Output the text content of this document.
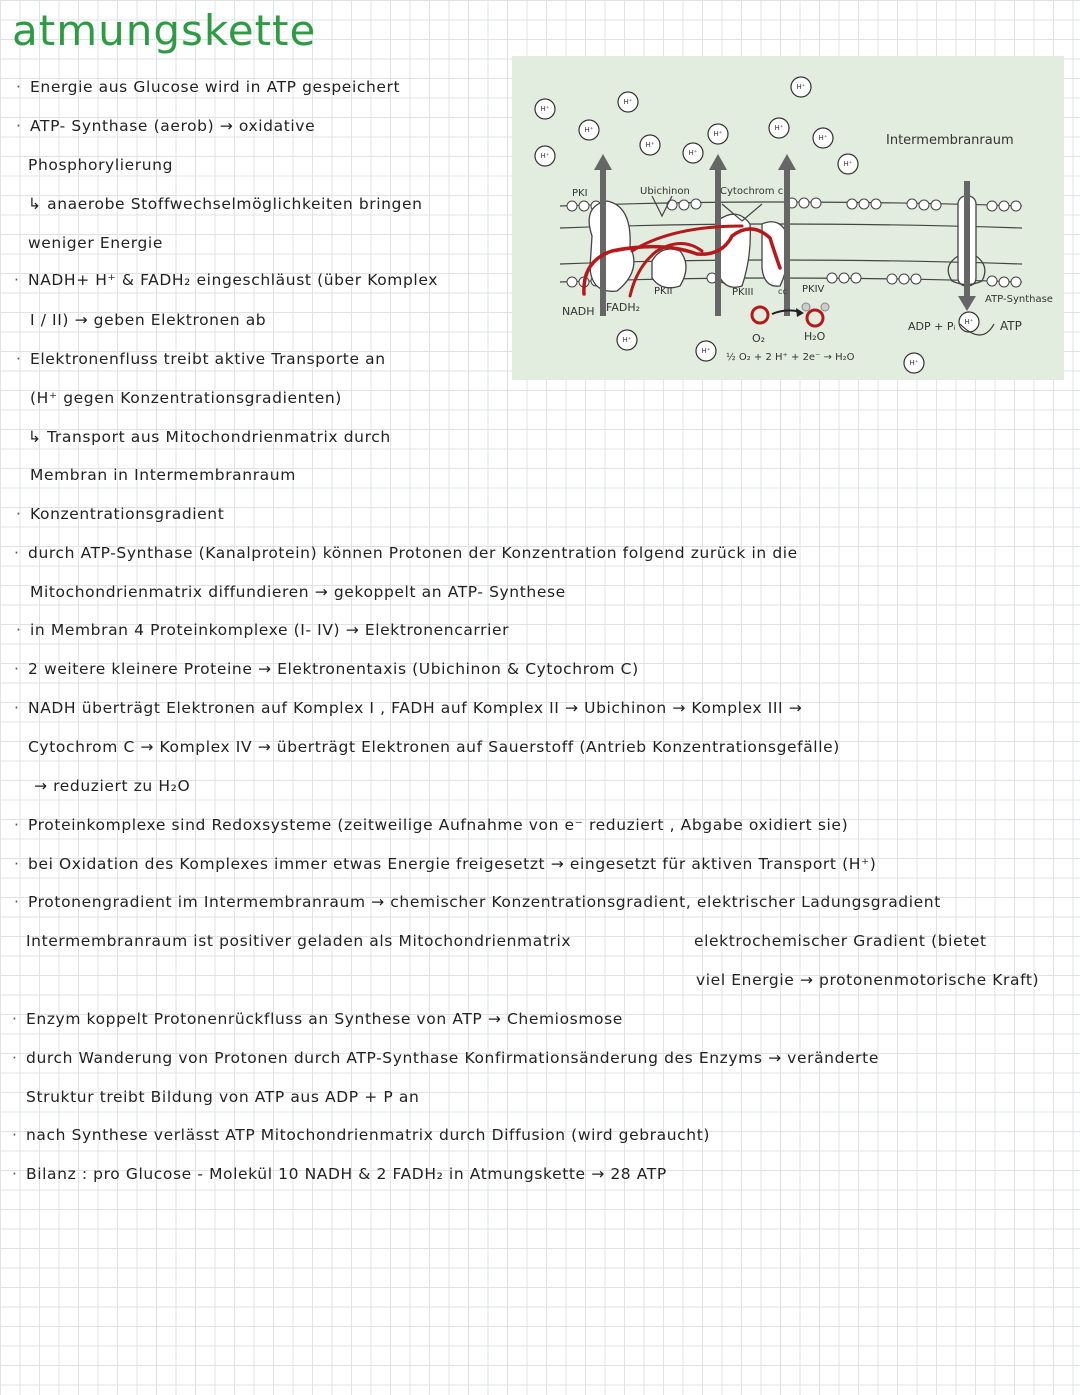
atmungskette
· Energie aus Glucose wird in ATP gespeichert
· ATP- Synthase (aerob) → oxidative
Phosphorylierung
↳ anaerobe Stoffwechselmöglichkeiten bringen
weniger Energie
· NADH+ H⁺ & FADH₂ eingeschläust (über Komplex
I / II) → geben Elektronen ab
· Elektronenfluss treibt aktive Transporte an
(H⁺ gegen Konzentrationsgradienten)
↳ Transport aus Mitochondrienmatrix durch
Membran in Intermembranraum
· Konzentrationsgradient
· durch ATP-Synthase (Kanalprotein) können Protonen der Konzentration folgend zurück in die
Mitochondrienmatrix diffundieren → gekoppelt an ATP- Synthese
· in Membran 4 Proteinkomplexe (I- IV) → Elektronencarrier
· 2 weitere kleinere Proteine → Elektronentaxis (Ubichinon & Cytochrom C)
· NADH überträgt Elektronen auf Komplex I , FADH auf Komplex II → Ubichinon → Komplex III →
Cytochrom C → Komplex IV → überträgt Elektronen auf Sauerstoff (Antrieb Konzentrationsgefälle)
→ reduziert zu H₂O
· Proteinkomplexe sind Redoxsysteme (zeitweilige Aufnahme von e⁻ reduziert , Abgabe oxidiert sie)
· bei Oxidation des Komplexes immer etwas Energie freigesetzt → eingesetzt für aktiven Transport (H⁺)
· Protonengradient im Intermembranraum → chemischer Konzentrationsgradient, elektrischer Ladungsgradient
Intermembranraum ist positiver geladen als Mitochondrienmatrix	elektrochemischer Gradient (bietet
viel Energie → protonenmotorische Kraft)
· Enzym koppelt Protonenrückfluss an Synthese von ATP → Chemiosmose
· durch Wanderung von Protonen durch ATP-Synthase Konfirmationsänderung des Enzyms → veränderte
Struktur treibt Bildung von ATP aus ADP + P an
· nach Synthese verlässt ATP Mitochondrienmatrix durch Diffusion (wird gebraucht)
· Bilanz : pro Glucose - Molekül 10 NADH & 2 FADH₂ in Atmungskette → 28 ATP
H⁺
H⁺
H⁺
H⁺
H⁺
H⁺
H⁺
H⁺
H⁺
H⁺
H⁺
H⁺
H⁺
H⁺
H⁺
Intermembranraum
PKI	Ubichinon	Cytochrom c
PKII	PKIII	cc PKIV
NADH FADH₂
O₂	H₂O
½ O₂ + 2 H⁺ + 2e⁻ → H₂O
ATP-Synthase
ADP + Pᵢ	ATP
